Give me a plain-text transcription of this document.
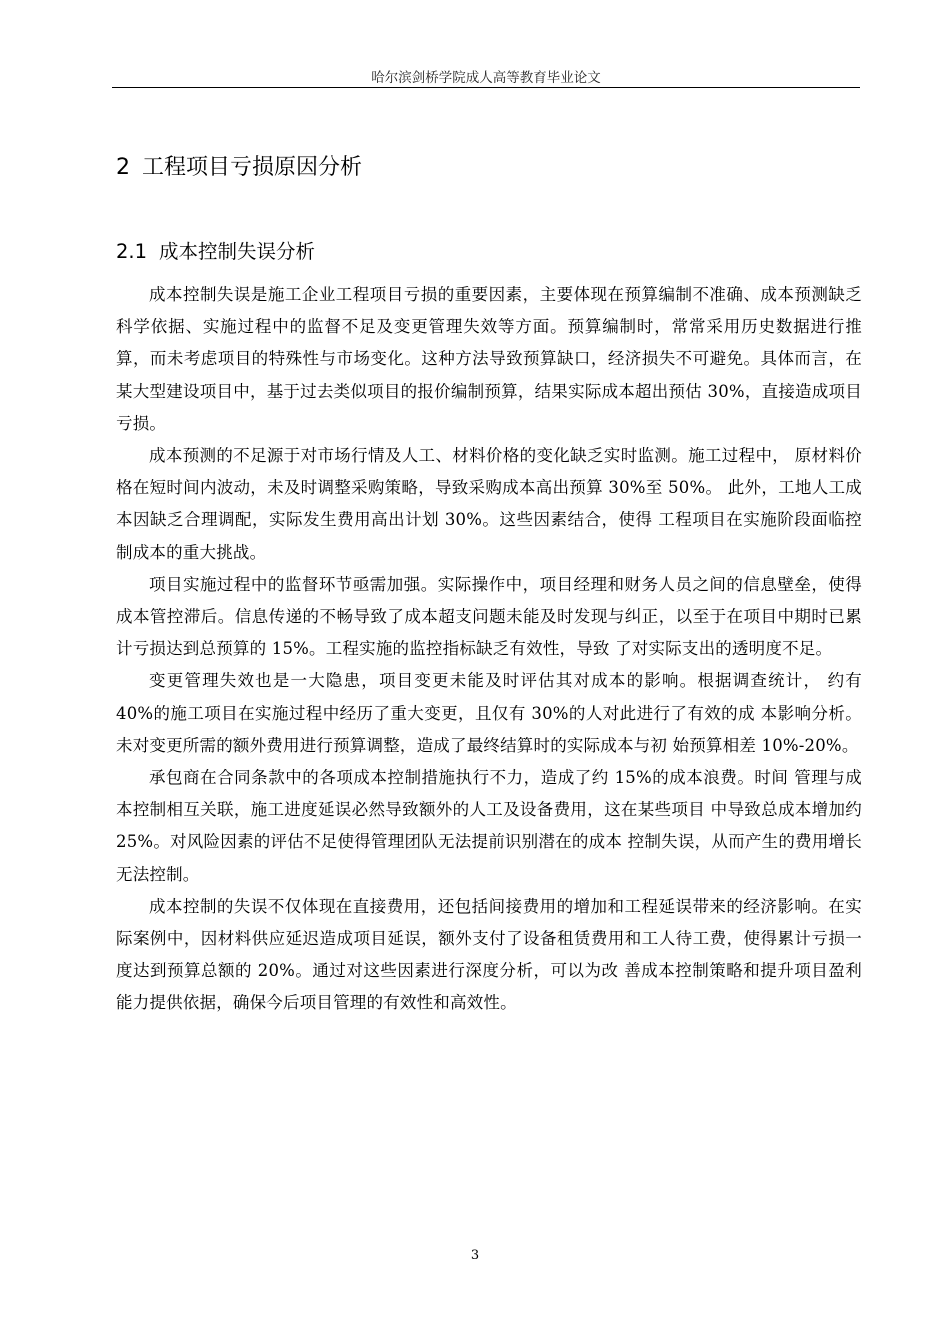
哈尔滨剑桥学院成人高等教育毕业论文
2 工程项目亏损原因分析
2.1 成本控制失误分析

成本控制失误是施工企业工程项目亏损的重要因素，主要体现在预算编制不准确、成本预测缺乏科学依据、实施过程中的监督不足及变更管理失效等方面。预算编制时，常常采用历史数据进行推算，而未考虑项目的特殊性与市场变化。这种方法导致预算缺口，经济损失不可避免。具体而言，在某大型建设项目中，基于过去类似项目的报价编制预算，结果实际成本超出预估 30%，直接造成项目亏损。

成本预测的不足源于对市场行情及人工、材料价格的变化缺乏实时监测。施工过程中， 原材料价格在短时间内波动，未及时调整采购策略，导致采购成本高出预算 30%至 50%。 此外，工地人工成本因缺乏合理调配，实际发生费用高出计划 30%。这些因素结合，使得 工程项目在实施阶段面临控制成本的重大挑战。

项目实施过程中的监督环节亟需加强。实际操作中，项目经理和财务人员之间的信息壁垒，使得成本管控滞后。信息传递的不畅导致了成本超支问题未能及时发现与纠正，以至于在项目中期时已累计亏损达到总预算的 15%。工程实施的监控指标缺乏有效性，导致 了对实际支出的透明度不足。

变更管理失效也是一大隐患，项目变更未能及时评估其对成本的影响。根据调查统计， 约有 40%的施工项目在实施过程中经历了重大变更，且仅有 30%的人对此进行了有效的成 本影响分析。未对变更所需的额外费用进行预算调整，造成了最终结算时的实际成本与初 始预算相差 10%-20%。

承包商在合同条款中的各项成本控制措施执行不力，造成了约 15%的成本浪费。时间 管理与成本控制相互关联，施工进度延误必然导致额外的人工及设备费用，这在某些项目 中导致总成本增加约 25%。对风险因素的评估不足使得管理团队无法提前识别潜在的成本 控制失误，从而产生的费用增长无法控制。

成本控制的失误不仅体现在直接费用，还包括间接费用的增加和工程延误带来的经济影响。在实际案例中，因材料供应延迟造成项目延误，额外支付了设备租赁费用和工人待工费，使得累计亏损一度达到预算总额的 20%。通过对这些因素进行深度分析，可以为改 善成本控制策略和提升项目盈利能力提供依据，确保今后项目管理的有效性和高效性。

3
